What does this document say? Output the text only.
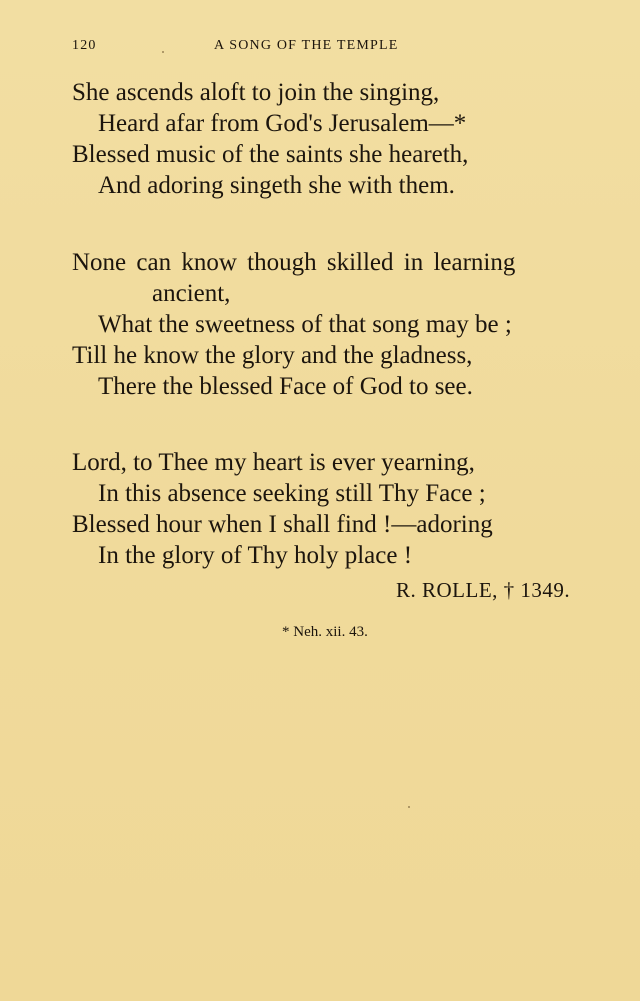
120	A SONG OF THE TEMPLE
She ascends aloft to join the singing,
Heard afar from God's Jerusalem—*
Blessed music of the saints she heareth,
And adoring singeth she with them.
None can know though skilled in learning
ancient,
What the sweetness of that song may be ;
Till he know the glory and the gladness,
There the blessed Face of God to see.
Lord, to Thee my heart is ever yearning,
In this absence seeking still Thy Face ;
Blessed hour when I shall find !—adoring
In the glory of Thy holy place !
R. ROLLE, † 1349.
* Neh. xii. 43.
